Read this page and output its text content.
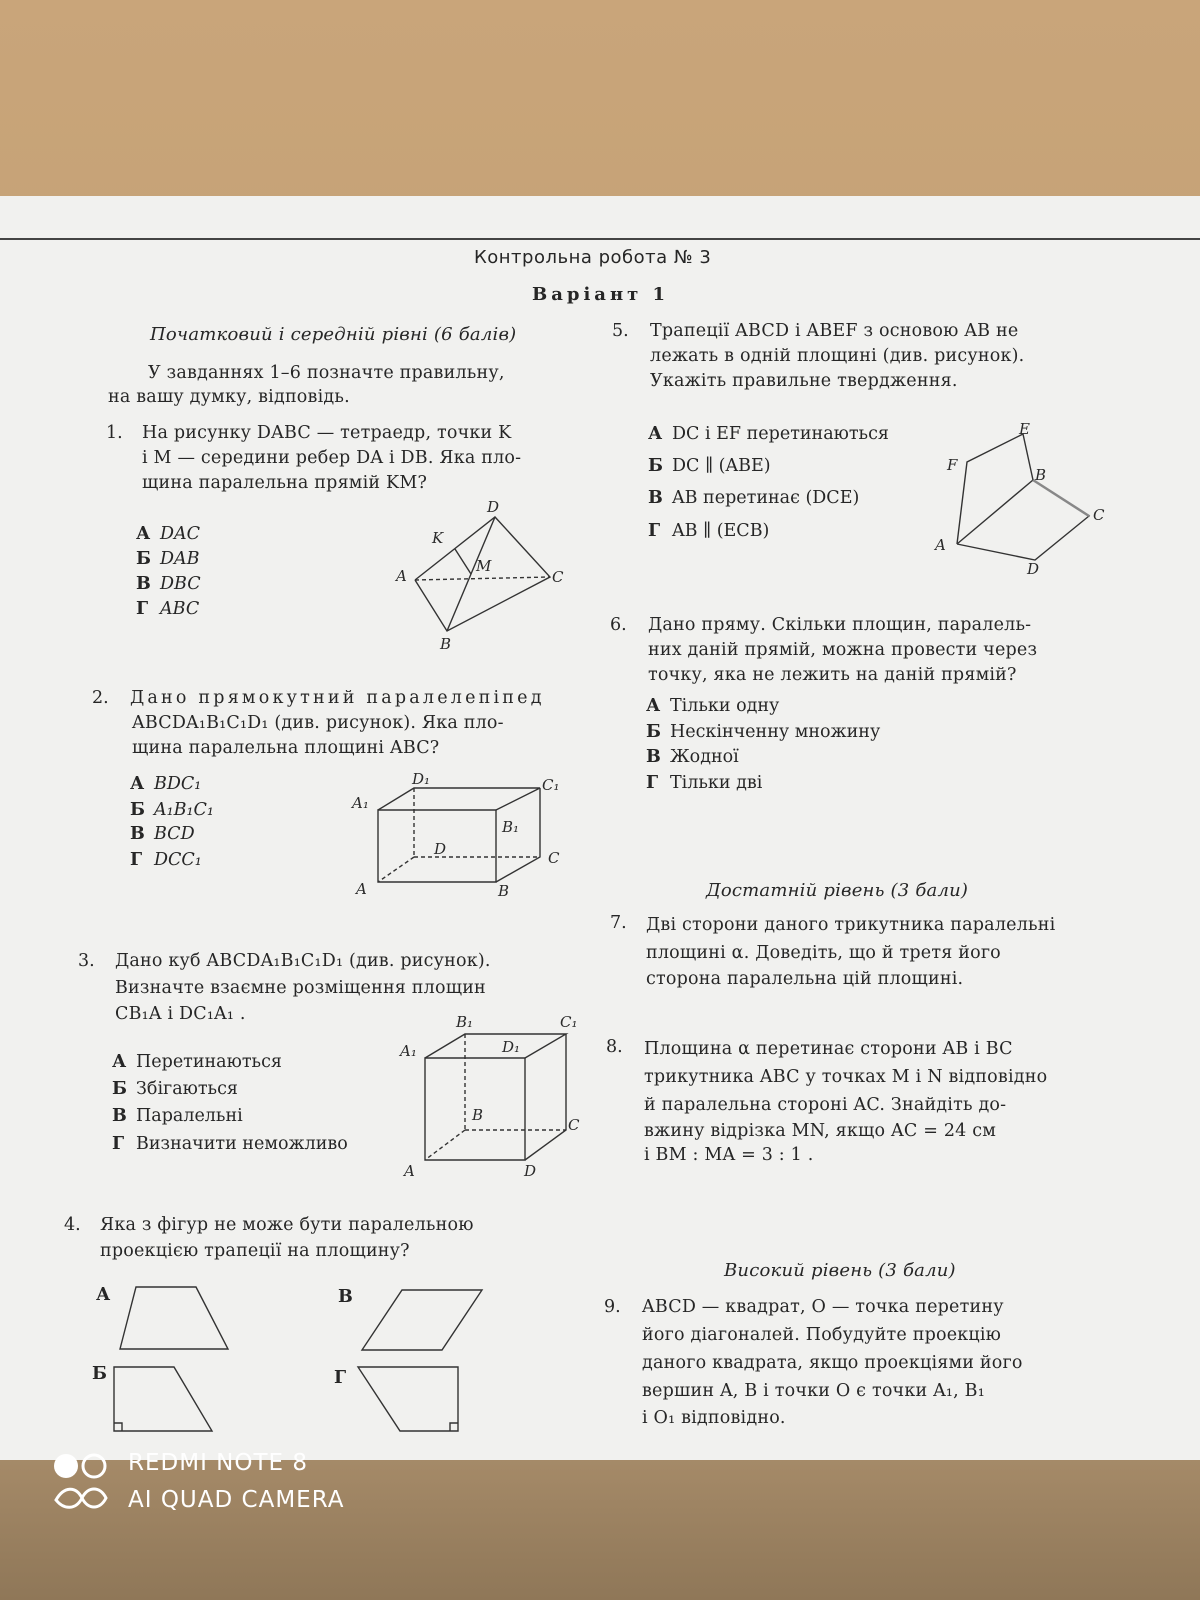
Контрольна робота № 3
Варіант 1
Початковий і середній рівні (6 балів)
У завданнях 1–6 позначте правильну,
на вашу думку, відповідь.
1. На рисунку DABC — тетраедр, точки K
і M — середини ребер DA і DB. Яка пло-
щина паралельна прямій KM?
А DAC
Б DAB
В DBC
Г ABC
D
K
M
A	C
B
2. Дано прямокутний паралелепіпед
ABCDA₁B₁C₁D₁ (див. рисунок). Яка пло-
щина паралельна площині ABC?
А BDC₁
Б A₁B₁C₁
В BCD
Г DCC₁
D₁	C₁
A₁
B₁
D	C
A	B
3. Дано куб ABCDA₁B₁C₁D₁ (див. рисунок).
Визначте взаємне розміщення площин
CB₁A і DC₁A₁ .
А Перетинаються
Б Збігаються
В Паралельні
Г Визначити неможливо
B₁	C₁
A₁	D₁
B
C
A	D
4. Яка з фігур не може бути паралельною
проекцією трапеції на площину?
А	В
Б	Г
5. Трапеції ABCD і ABEF з основою AB не
лежать в одній площині (див. рисунок).
Укажіть правильне твердження.
А DC і EF перетинаються
Б DC ∥ (ABE)
В AB перетинає (DCE)
Г AB ∥ (ECB)
E
F
B
C
A
D
6. Дано пряму. Скільки площин, паралель-
них даній прямій, можна провести через
точку, яка не лежить на даній прямій?
А Тільки одну
Б Нескінченну множину
В Жодної
Г Тільки дві
Достатній рівень (3 бали)
7. Дві сторони даного трикутника паралельні
площині α. Доведіть, що й третя його
сторона паралельна цій площині.
8. Площина α перетинає сторони AB і BC
трикутника ABC у точках M і N відповідно
й паралельна стороні AC. Знайдіть до-
вжину відрізка MN, якщо AC = 24 см
і BM : MA = 3 : 1 .
Високий рівень (3 бали)
9. ABCD — квадрат, O — точка перетину
його діагоналей. Побудуйте проекцію
даного квадрата, якщо проекціями його
вершин A, B і точки O є точки A₁, B₁
і O₁ відповідно.
REDMI NOTE 8
AI QUAD CAMERA
